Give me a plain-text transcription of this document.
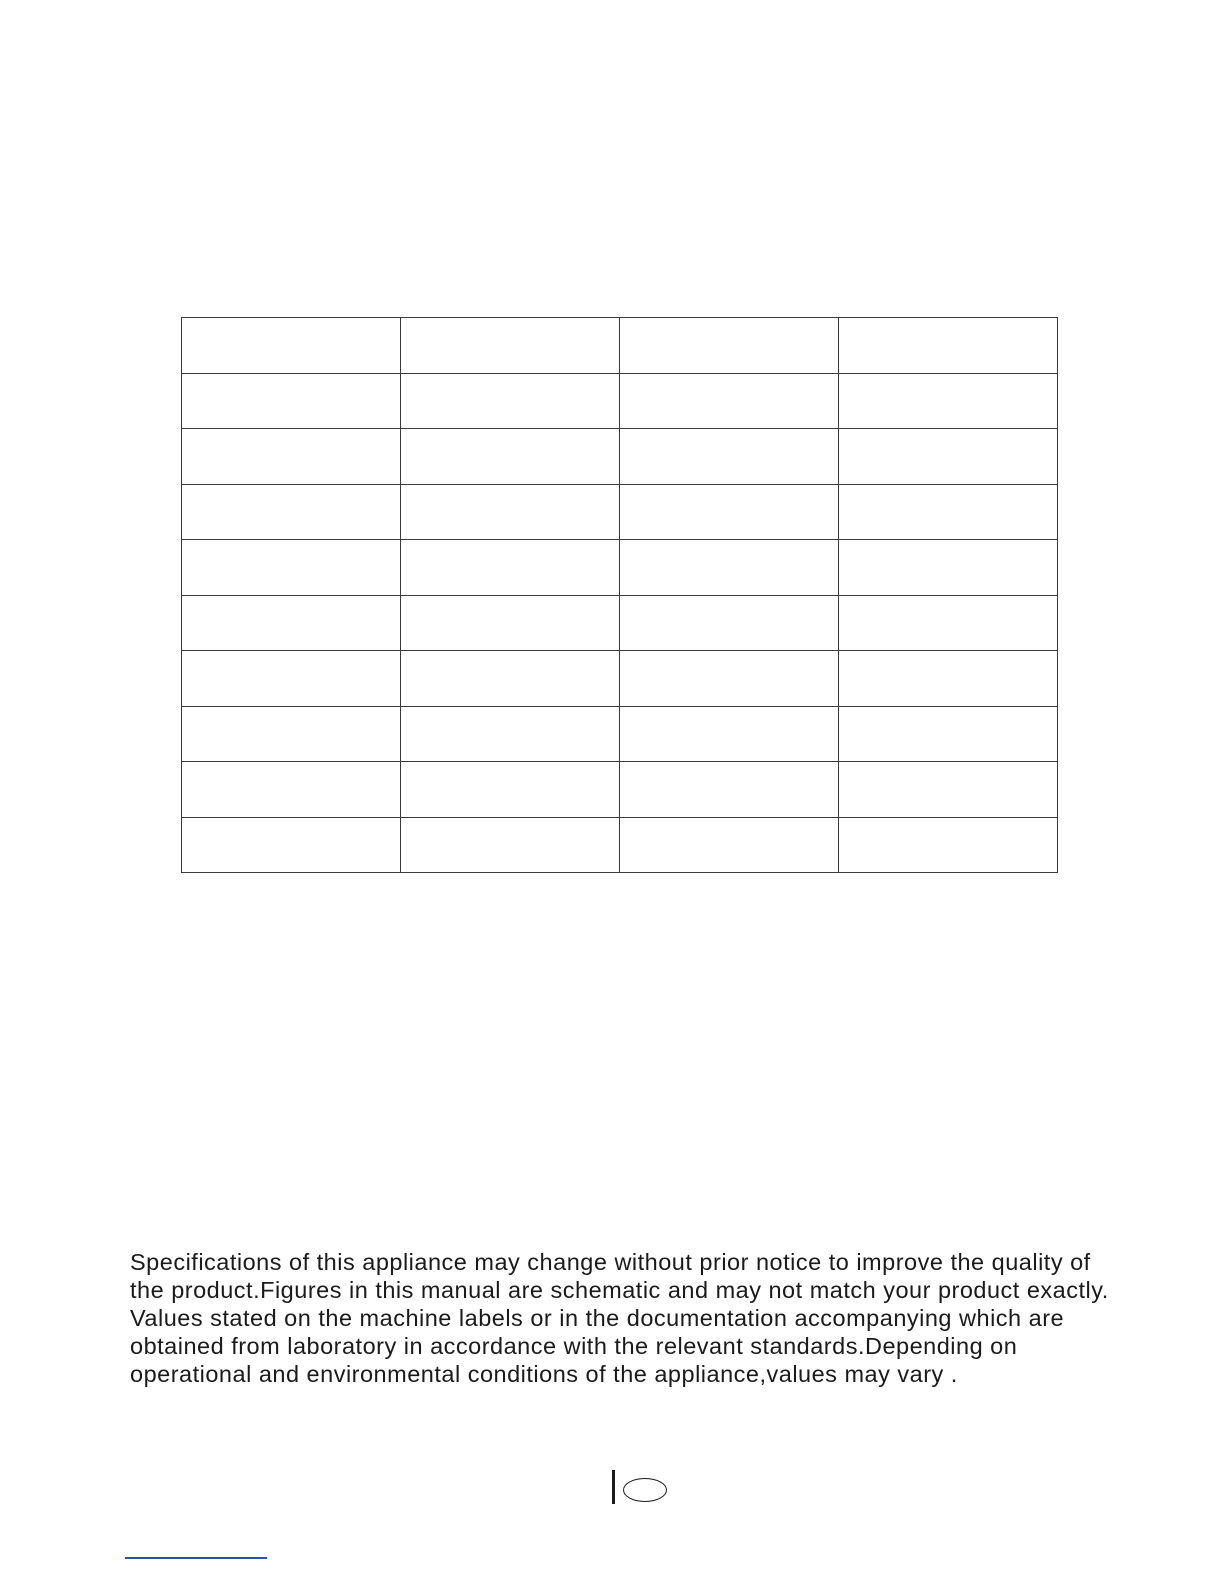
Specifications of this appliance may change without prior notice to improve the quality of the product.Figures in this manual are schematic and may not match your product exactly.

Values stated on the machine labels or in the documentation accompanying which are obtained from laboratory in accordance with the relevant standards.Depending on operational and environmental conditions of the appliance,values may vary .
